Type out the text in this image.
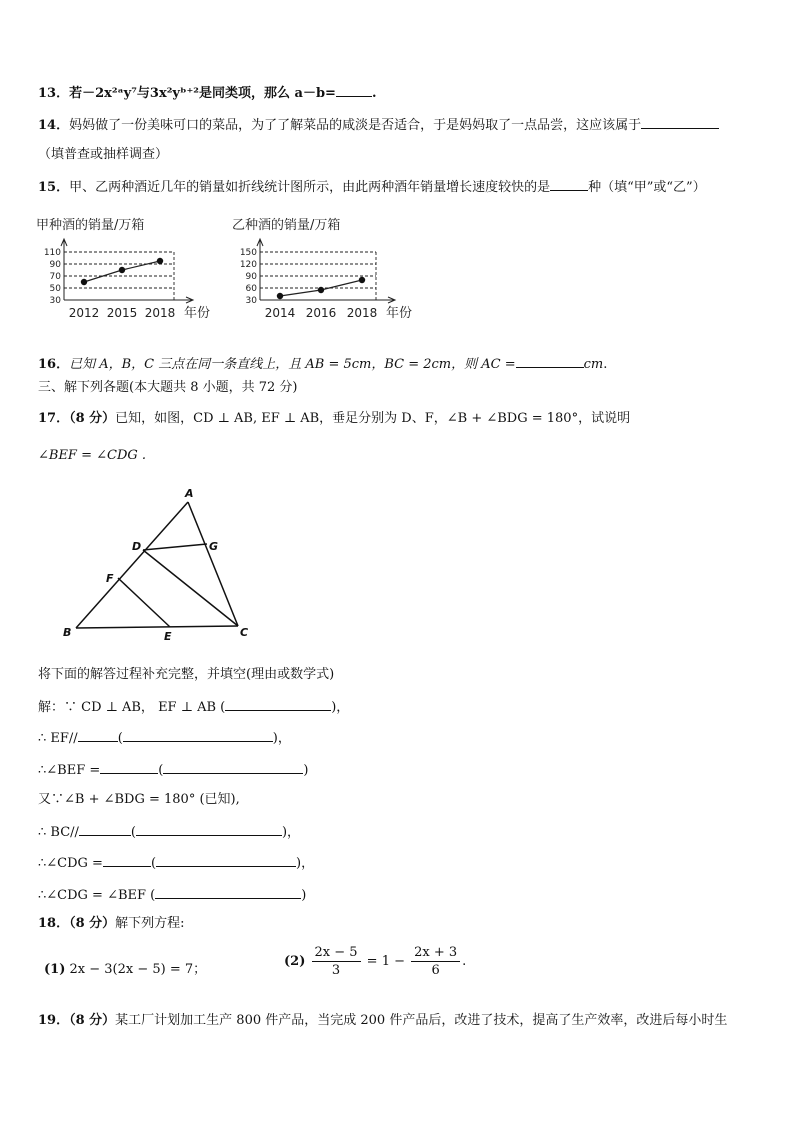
13．若－2x²ᵃy⁷与3x²yᵇ⁺²是同类项，那么 a－b=	.
14．妈妈做了一份美味可口的菜品，为了了解菜品的咸淡是否适合，于是妈妈取了一点品尝，这应该属于
（填普查或抽样调查）
15．甲、乙两种酒近几年的销量如折线统计图所示，由此两种酒年销量增长速度较快的是	种（填“甲”或“乙”）
甲种酒的销量/万箱
110
90
70
50
30
年份
2012 2015 2018
乙种酒的销量/万箱
150
120
90
60
30
年份
2014 2016 2018
16．已知 A，B，C 三点在同一条直线上，且 AB = 5cm，BC = 2cm，则 AC =	cm.
三、解下列各题(本大题共 8 小题，共 72 分)
17．（8 分）已知，如图，CD ⊥ AB, EF ⊥ AB，垂足分别为 D、F，∠B + ∠BDG = 180°，试说明
∠BEF = ∠CDG .
A
G
D
F
B	E	C
将下面的解答过程补充完整，并填空(理由或数学式)
解：∵ CD ⊥ AB， EF ⊥ AB (	)，
∴ EF//	(	)，
∴∠BEF =	(	)
又∵∠B + ∠BDG = 180° (已知),
∴ BC//	(	)，
∴∠CDG =	(	)，
∴∠CDG = ∠BEF (	)
18．（8 分）解下列方程:
(1) 2x − 3(2x − 5) = 7；
$(2) \frac{2x - 5}{3} = 1 - \frac{2x + 3}{6}$ .
19．（8 分）某工厂计划加工生产 800 件产品，当完成 200 件产品后，改进了技术，提高了生产效率，改进后每小时生
